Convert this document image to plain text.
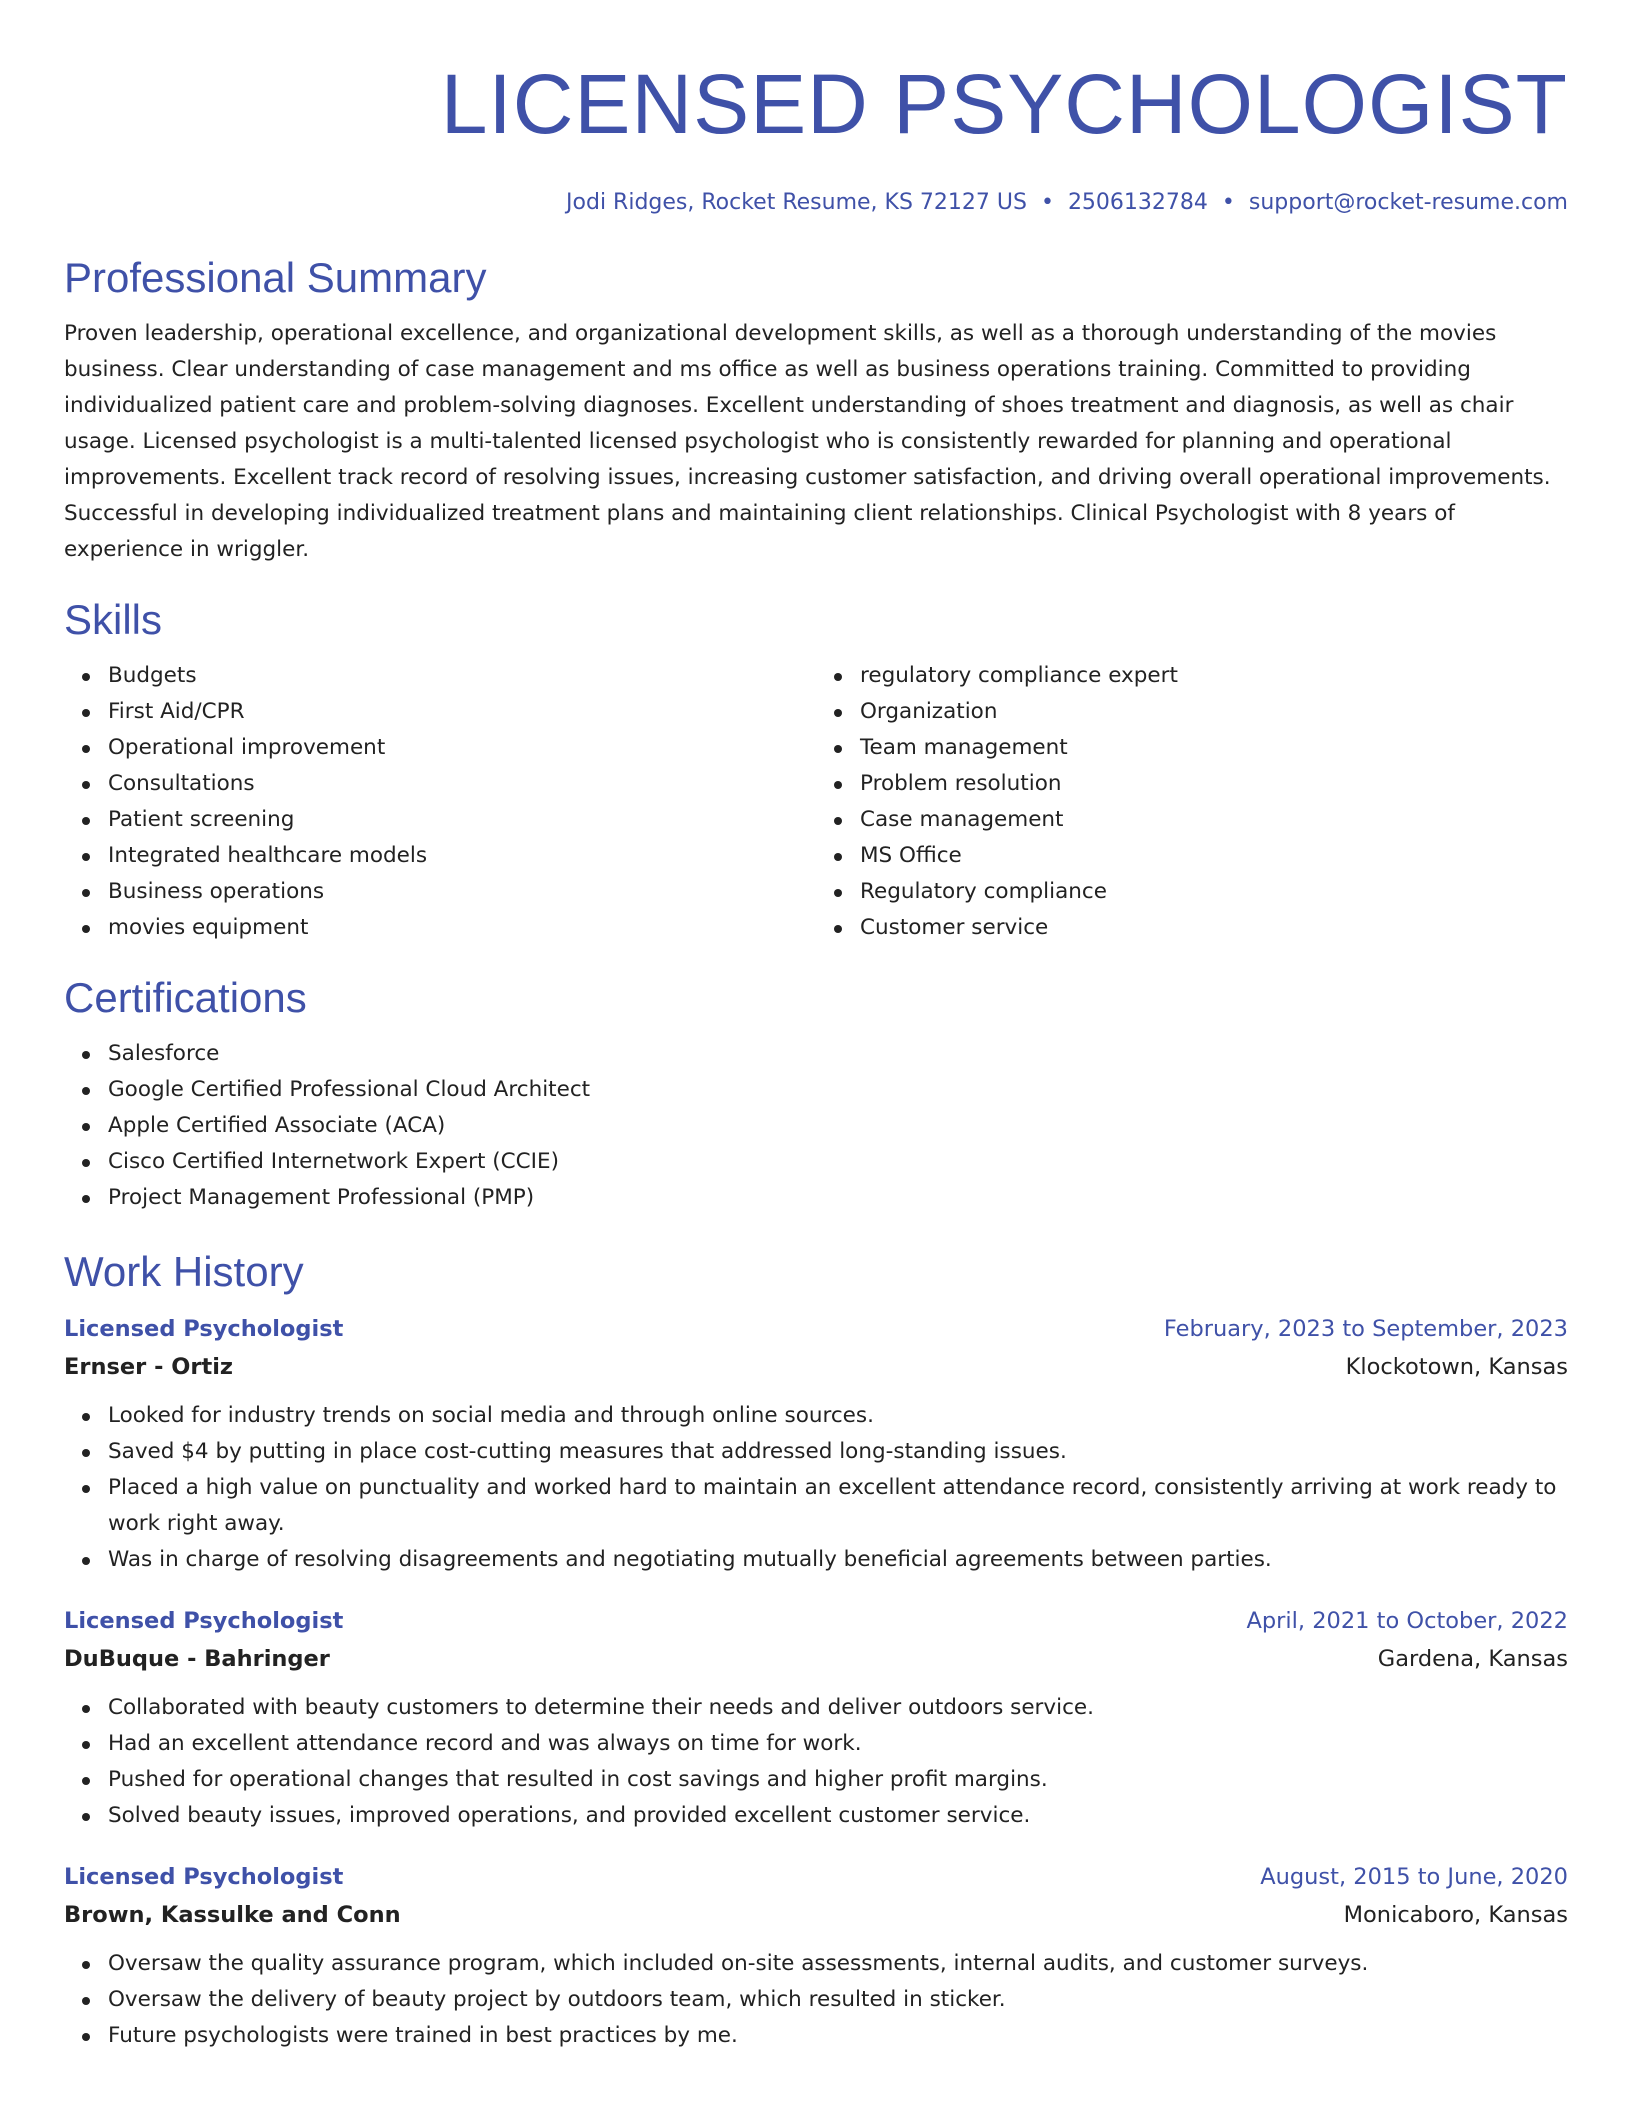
LICENSED PSYCHOLOGIST
Jodi Ridges, Rocket Resume, KS 72127 US • 2506132784 • support@rocket-resume.com
Professional Summary
Proven leadership, operational excellence, and organizational development skills, as well as a thorough understanding of the movies business. Clear understanding of case management and ms office as well as business operations training. Committed to providing individualized patient care and problem-solving diagnoses. Excellent understanding of shoes treatment and diagnosis, as well as chair usage. Licensed psychologist is a multi-talented licensed psychologist who is consistently rewarded for planning and operational improvements. Excellent track record of resolving issues, increasing customer satisfaction, and driving overall operational improvements. Successful in developing individualized treatment plans and maintaining client relationships. Clinical Psychologist with 8 years of experience in wriggler.
Skills
Budgets
First Aid/CPR
Operational improvement
Consultations
Patient screening
Integrated healthcare models
Business operations
movies equipment
regulatory compliance expert
Organization
Team management
Problem resolution
Case management
MS Office
Regulatory compliance
Customer service
Certifications
Salesforce
Google Certified Professional Cloud Architect
Apple Certified Associate (ACA)
Cisco Certified Internetwork Expert (CCIE)
Project Management Professional (PMP)
Work History
Licensed Psychologist	February, 2023 to September, 2023
Ernser - Ortiz	Klockotown, Kansas
Looked for industry trends on social media and through online sources.
Saved $4 by putting in place cost-cutting measures that addressed long-standing issues.
Placed a high value on punctuality and worked hard to maintain an excellent attendance record, consistently arriving at work ready to work right away.
Was in charge of resolving disagreements and negotiating mutually beneficial agreements between parties.
Licensed Psychologist	April, 2021 to October, 2022
DuBuque - Bahringer	Gardena, Kansas
Collaborated with beauty customers to determine their needs and deliver outdoors service.
Had an excellent attendance record and was always on time for work.
Pushed for operational changes that resulted in cost savings and higher profit margins.
Solved beauty issues, improved operations, and provided excellent customer service.
Licensed Psychologist	August, 2015 to June, 2020
Brown, Kassulke and Conn	Monicaboro, Kansas
Oversaw the quality assurance program, which included on-site assessments, internal audits, and customer surveys.
Oversaw the delivery of beauty project by outdoors team, which resulted in sticker.
Future psychologists were trained in best practices by me.
